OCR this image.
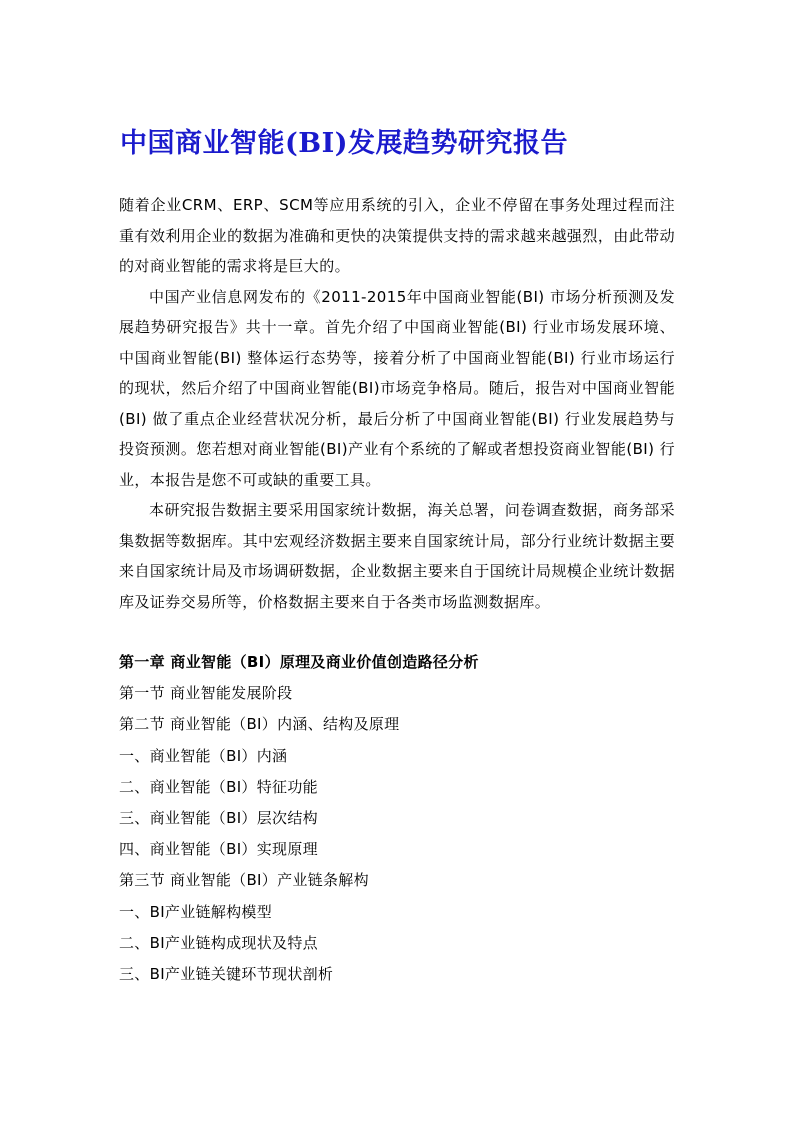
中国商业智能(BI)发展趋势研究报告

随着企业CRM、ERP、SCM等应用系统的引入，企业不停留在事务处理过程而注重有效利用企业的数据为准确和更快的决策提供支持的需求越来越强烈，由此带动的对商业智能的需求将是巨大的。

中国产业信息网发布的《2011-2015年中国商业智能(BI) 市场分析预测及发展趋势研究报告》共十一章。首先介绍了中国商业智能(BI) 行业市场发展环境、中国商业智能(BI) 整体运行态势等，接着分析了中国商业智能(BI) 行业市场运行的现状，然后介绍了中国商业智能(BI)市场竞争格局。随后，报告对中国商业智能(BI) 做了重点企业经营状况分析，最后分析了中国商业智能(BI) 行业发展趋势与投资预测。您若想对商业智能(BI)产业有个系统的了解或者想投资商业智能(BI) 行业，本报告是您不可或缺的重要工具。

本研究报告数据主要采用国家统计数据，海关总署，问卷调查数据，商务部采集数据等数据库。其中宏观经济数据主要来自国家统计局，部分行业统计数据主要来自国家统计局及市场调研数据，企业数据主要来自于国统计局规模企业统计数据库及证券交易所等，价格数据主要来自于各类市场监测数据库。

第一章 商业智能（BI）原理及商业价值创造路径分析

第一节 商业智能发展阶段

第二节 商业智能（BI）内涵、结构及原理

一、商业智能（BI）内涵

二、商业智能（BI）特征功能

三、商业智能（BI）层次结构

四、商业智能（BI）实现原理

第三节 商业智能（BI）产业链条解构

一、BI产业链解构模型

二、BI产业链构成现状及特点

三、BI产业链关键环节现状剖析
